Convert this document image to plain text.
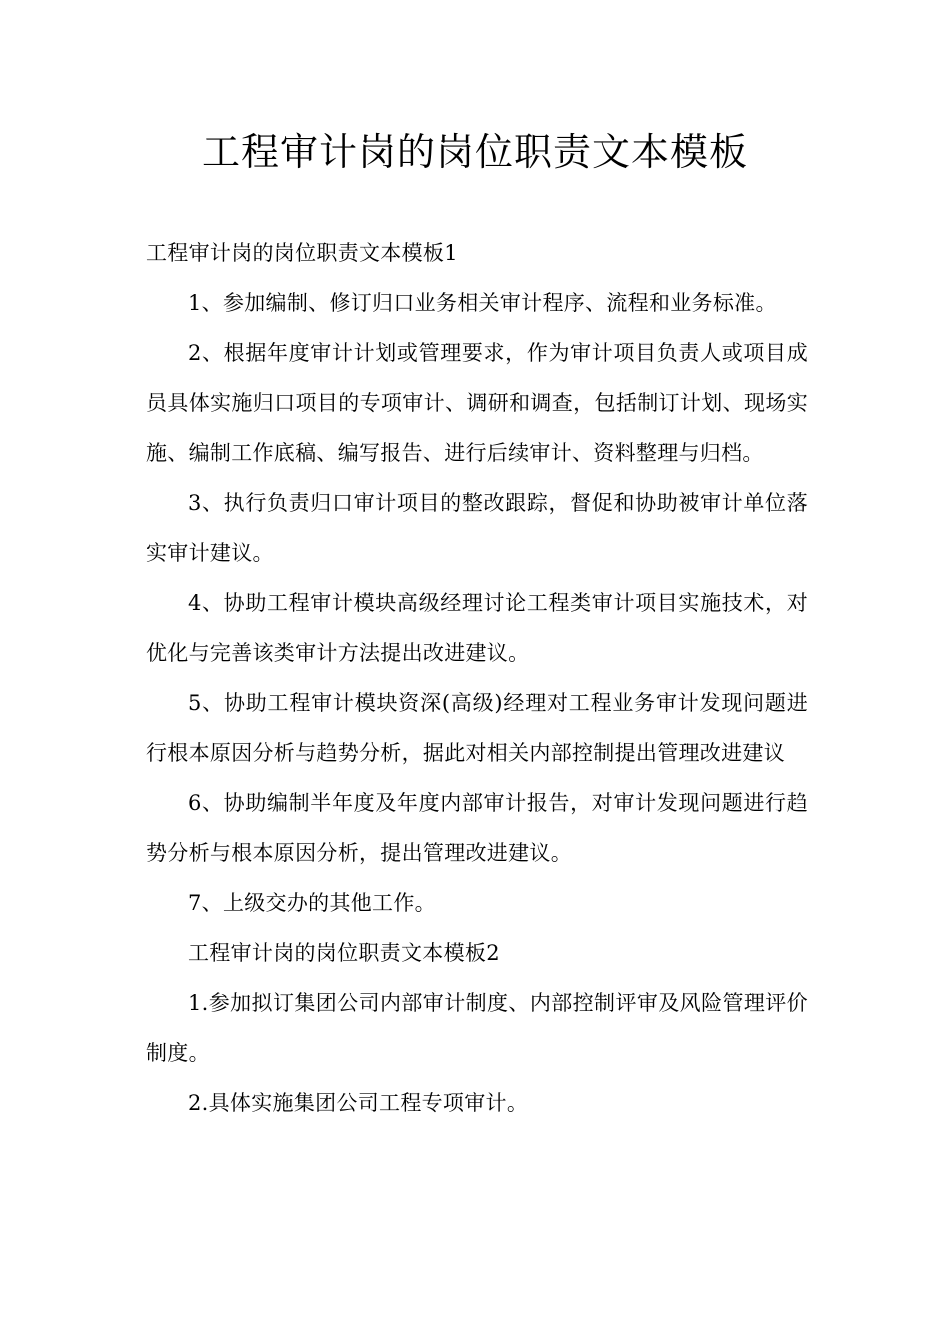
工程审计岗的岗位职责文本模板

工程审计岗的岗位职责文本模板1

1、参加编制、修订归口业务相关审计程序、流程和业务标准。

2、根据年度审计计划或管理要求，作为审计项目负责人或项目成员具体实施归口项目的专项审计、调研和调查，包括制订计划、现场实施、编制工作底稿、编写报告、进行后续审计、资料整理与归档。

3、执行负责归口审计项目的整改跟踪，督促和协助被审计单位落实审计建议。

4、协助工程审计模块高级经理讨论工程类审计项目实施技术，对优化与完善该类审计方法提出改进建议。

5、协助工程审计模块资深(高级)经理对工程业务审计发现问题进行根本原因分析与趋势分析，据此对相关内部控制提出管理改进建议

6、协助编制半年度及年度内部审计报告，对审计发现问题进行趋势分析与根本原因分析，提出管理改进建议。

7、上级交办的其他工作。

工程审计岗的岗位职责文本模板2

1.参加拟订集团公司内部审计制度、内部控制评审及风险管理评价制度。

2.具体实施集团公司工程专项审计。
